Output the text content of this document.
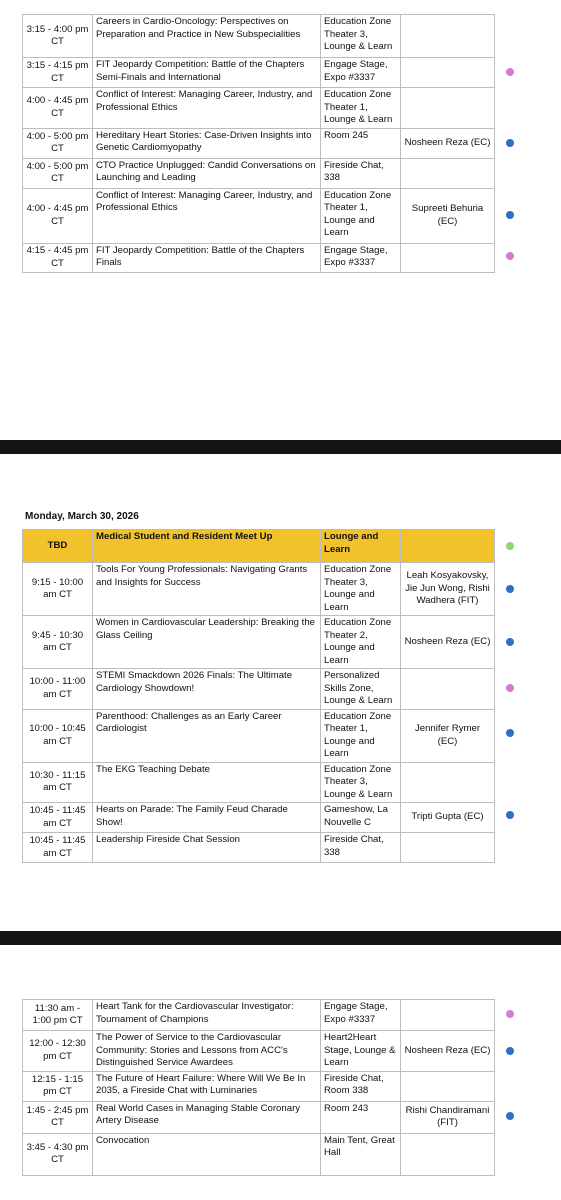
3:15 - 4:00 pm CT	Careers in Cardio-Oncology: Perspectives on Preparation and Practice in New Subspecialities	Education Zone Theater 3, Lounge & Learn	
3:15 - 4:15 pm CT	FIT Jeopardy Competition: Battle of the Chapters Semi-Finals and International	Engage Stage, Expo #3337	
4:00 - 4:45 pm CT	Conflict of Interest: Managing Career, Industry, and Professional Ethics	Education Zone Theater 1, Lounge & Learn	
4:00 - 5:00 pm CT	Hereditary Heart Stories: Case-Driven Insights into Genetic Cardiomyopathy	Room 245	Nosheen Reza (EC)
4:00 - 5:00 pm CT	CTO Practice Unplugged: Candid Conversations on Launching and Leading	Fireside Chat, 338	
4:00 - 4:45 pm CT	Conflict of Interest: Managing Career, Industry, and Professional Ethics	Education Zone Theater 1, Lounge and Learn	Supreeti Behuria (EC)
4:15 - 4:45 pm CT	FIT Jeopardy Competition: Battle of the Chapters Finals	Engage Stage, Expo #3337	
Monday, March 30, 2026
TBD	Medical Student and Resident Meet Up	Lounge and Learn	
9:15 - 10:00 am CT	Tools For Young Professionals: Navigating Grants and Insights for Success	Education Zone Theater 3, Lounge and Learn	Leah Kosyakovsky, Jie Jun Wong, Rishi Wadhera (FIT)
9:45 - 10:30 am CT	Women in Cardiovascular Leadership: Breaking the Glass Ceiling	Education Zone Theater 2, Lounge and Learn	Nosheen Reza (EC)
10:00 - 11:00 am CT	STEMI Smackdown 2026 Finals: The Ultimate Cardiology Showdown!	Personalized Skills Zone, Lounge & Learn	
10:00 - 10:45 am CT	Parenthood: Challenges as an Early Career Cardiologist	Education Zone Theater 1, Lounge and Learn	Jennifer Rymer (EC)
10:30 - 11:15 am CT	The EKG Teaching Debate	Education Zone Theater 3, Lounge & Learn	
10:45 - 11:45 am CT	Hearts on Parade: The Family Feud Charade Show!	Gameshow, La Nouvelle C	Tripti Gupta (EC)
10:45 - 11:45 am CT	Leadership Fireside Chat Session	Fireside Chat, 338	
11:30 am - 1:00 pm CT	Heart Tank for the Cardiovascular Investigator: Tournament of Champions	Engage Stage, Expo #3337	
12:00 - 12:30 pm CT	The Power of Service to the Cardiovascular Community: Stories and Lessons from ACC's Distinguished Service Awardees	Heart2Heart Stage, Lounge & Learn	Nosheen Reza (EC)
12:15 - 1:15 pm CT	The Future of Heart Failure: Where Will We Be In 2035, a Fireside Chat with Luminaries	Fireside Chat, Room 338	
1:45 - 2:45 pm CT	Real World Cases in Managing Stable Coronary Artery Disease	Room 243	Rishi Chandiramani (FIT)
3:45 - 4:30 pm CT	Convocation	Main Tent, Great Hall	
